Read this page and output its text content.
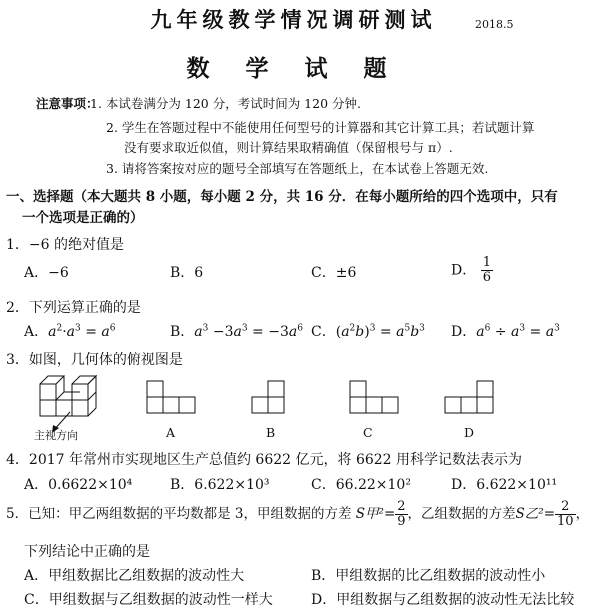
九年级教学情况调研测试	2018.5
数 学 试 题
注意事项：
1. 本试卷满分为 120 分，考试时间为 120 分钟.
2. 学生在答题过程中不能使用任何型号的计算器和其它计算工具；若试题计算
没有要求取近似值，则计算结果取精确值（保留根号与 π）.
3. 请将答案按对应的题号全部填写在答题纸上，在本试卷上答题无效.
一、选择题（本大题共 8 小题，每小题 2 分，共 16 分．在每小题所给的四个选项中，只有
一个选项是正确的）
1．−6 的绝对值是
A．−6	B．6	C．±6	D． $\frac{1}{6}$
2．下列运算正确的是
A．$a^2\cdot a^3 = a^6$	B．$a^3 -3a^3 = -3a^6$ C．$(a^2b)^3 = a^5b^3$ D．$a^6 \div a^3 = a^3$
3．如图，几何体的俯视图是
主视方向	A	B	C	D
4．2017 年常州市实现地区生产总值约 6622 亿元，将 6622 用科学记数法表示为
A．0.6622×10⁴	B．6.622×10³	C．66.22×10²	D．6.622×10¹¹
5．已知：甲乙两组数据的平均数都是 3，甲组数据的方差 S甲$^2= \frac{2}{9}$ ，乙组数据的方差S乙$^2= \frac{2}{10}$ ，
下列结论中正确的是
A．甲组数据比乙组数据的波动性大	B．甲组数据的比乙组数据的波动性小
C．甲组数据与乙组数据的波动性一样大	D．甲组数据与乙组数据的波动性无法比较
